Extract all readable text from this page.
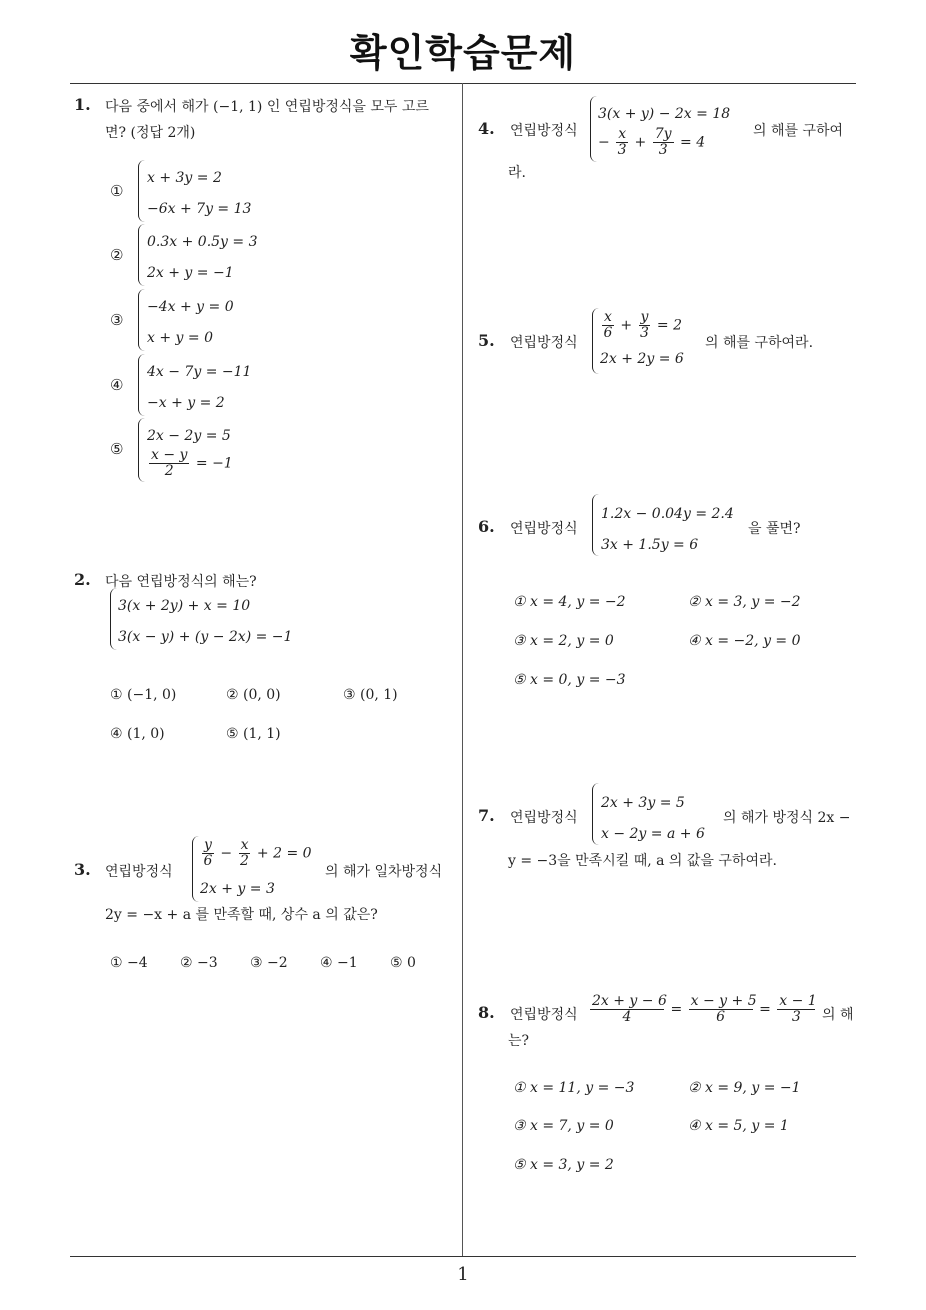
확인학습문제
1
1. 다음 중에서 해가 (−1, 1) 인 연립방정식을 모두 고르
면? (정답 2개)
①
x + 3y = 2
−6x + 7y = 13
②
0.3x + 0.5y = 3
2x + y = −1
③
−4x + y = 0
x + y = 0
④
4x − 7y = −11
−x + y = 2
⑤
2x − 2y = 5
$\frac{x - y}{2} = -1$
2. 다음 연립방정식의 해는?
3(x + 2y) + x = 10
3(x − y) + (y − 2x) = −1
① (−1, 0)	② (0, 0)	③ (0, 1)
④ (1, 0)	⑤ (1, 1)
3. 연립방정식
$\frac{y}{6} - \frac{x}{2} + 2 = 0$
2x + y = 3
의 해가 일차방정식
2y = −x + a 를 만족할 때, 상수 a 의 값은?
① −4 ② −3 ③ −2 ④ −1 ⑤ 0
4. 연립방정식
3(x + y) − 2x = 18
− $\frac{x}{3} + \frac{7y}{3} = 4$
의 해를 구하여
라.
5. 연립방정식
$\frac{x}{6} + \frac{y}{3} = 2$
2x + 2y = 6
의 해를 구하여라.
6. 연립방정식
1.2x − 0.04y = 2.4
3x + 1.5y = 6
을 풀면?
① x = 4, y = −2	② x = 3, y = −2
③ x = 2, y = 0	④ x = −2, y = 0
⑤ x = 0, y = −3
7. 연립방정식
2x + 3y = 5
x − 2y = a + 6
의 해가 방정식 2x −
y = −3을 만족시킬 때, a 의 값을 구하여라.
8. 연립방정식 $\frac{2x + y - 6}{4} = \frac{x - y + 5}{6} = \frac{x - 1}{3}$ 의 해
는?
① x = 11, y = −3	② x = 9, y = −1
③ x = 7, y = 0	④ x = 5, y = 1
⑤ x = 3, y = 2
